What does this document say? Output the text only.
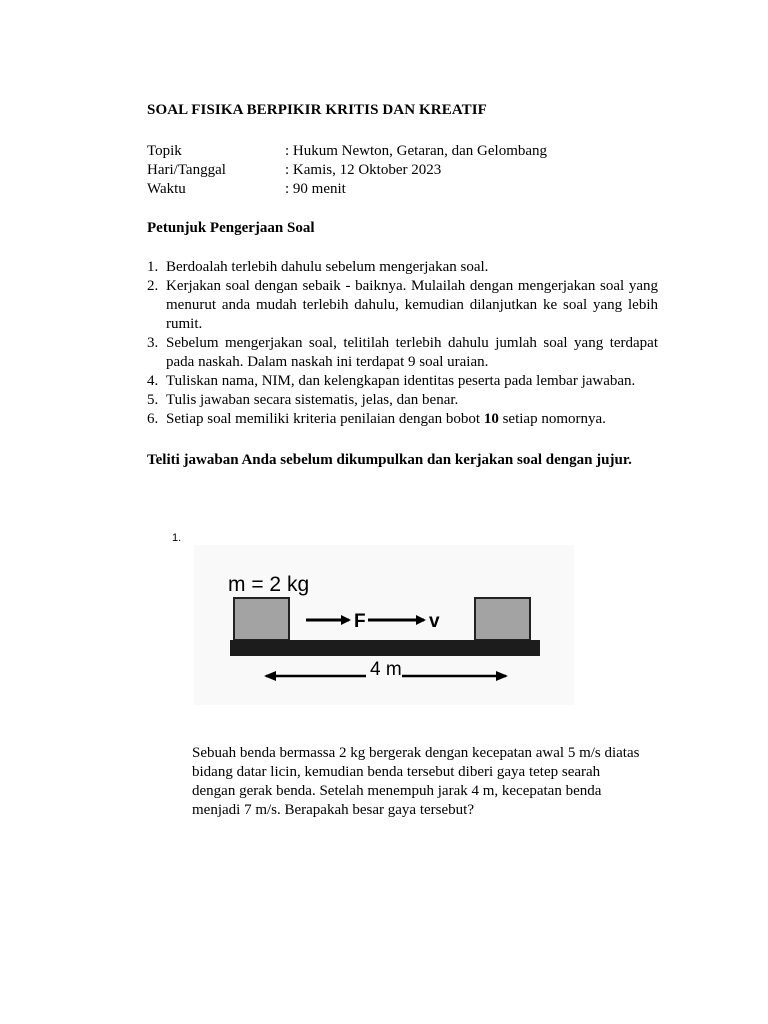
SOAL FISIKA BERPIKIR KRITIS DAN KREATIF
Topik	: Hukum Newton, Getaran, dan Gelombang
Hari/Tanggal	: Kamis, 12 Oktober 2023
Waktu	: 90 menit
Petunjuk Pengerjaan Soal
1. Berdoalah terlebih dahulu sebelum mengerjakan soal.
2. Kerjakan soal dengan sebaik - baiknya. Mulailah dengan mengerjakan soal yang menurut anda mudah terlebih dahulu, kemudian dilanjutkan ke soal yang lebih rumit.
3. Sebelum mengerjakan soal, telitilah terlebih dahulu jumlah soal yang terdapat pada naskah. Dalam naskah ini terdapat 9 soal uraian.
4. Tuliskan nama, NIM, dan kelengkapan identitas peserta pada lembar jawaban.
5. Tulis jawaban secara sistematis, jelas, dan benar.
6. Setiap soal memiliki kriteria penilaian dengan bobot 10 setiap nomornya.
Teliti jawaban Anda sebelum dikumpulkan dan kerjakan soal dengan jujur.
1.
m = 2 kg
F	v
4 m
Sebuah benda bermassa 2 kg bergerak dengan kecepatan awal 5 m/s diatas
bidang datar licin, kemudian benda tersebut diberi gaya tetep searah
dengan gerak benda. Setelah menempuh jarak 4 m, kecepatan benda
menjadi 7 m/s. Berapakah besar gaya tersebut?
